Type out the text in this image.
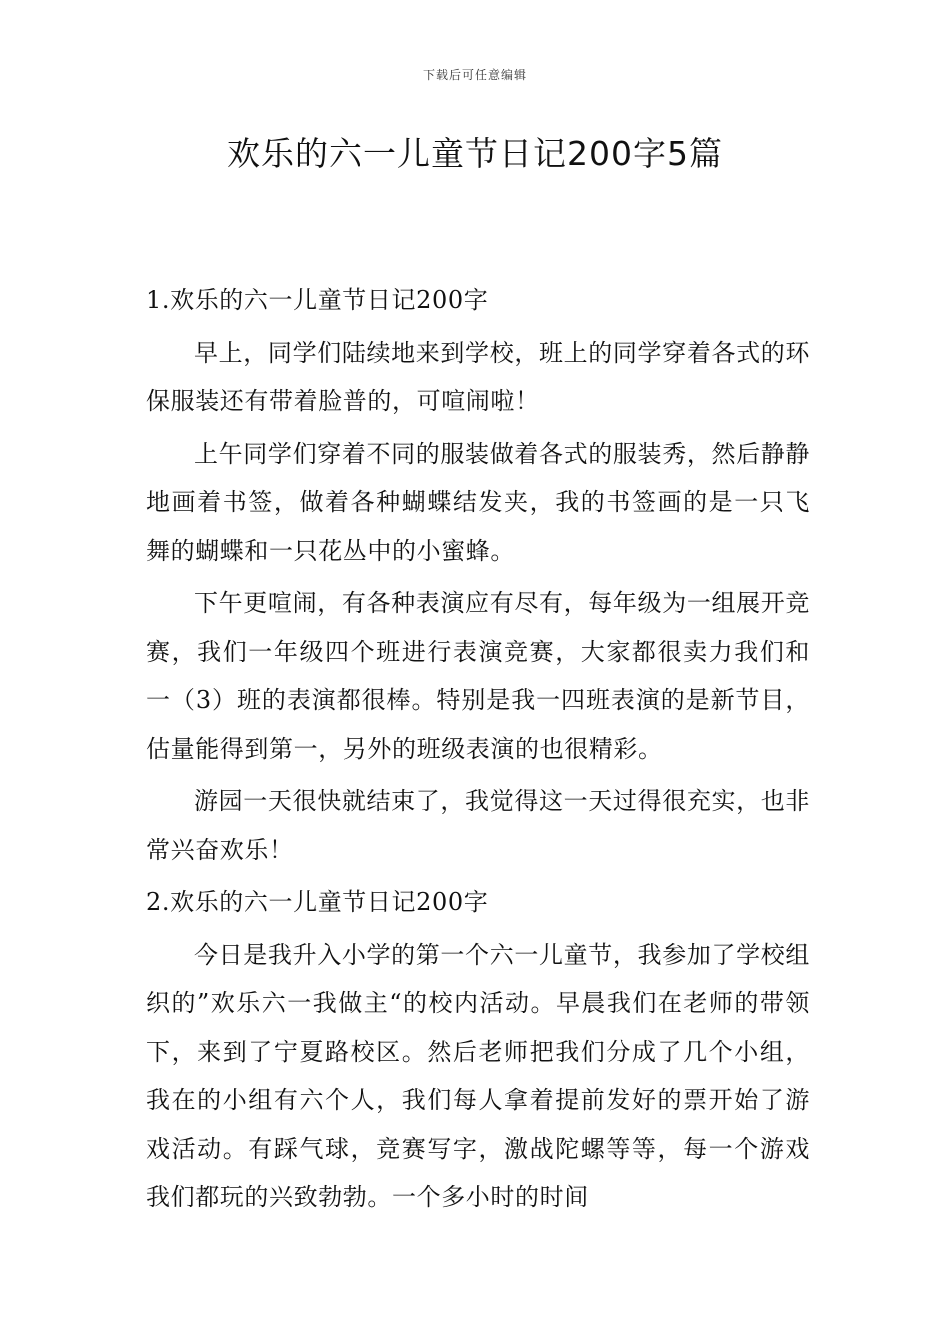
下载后可任意编辑
欢乐的六一儿童节日记200字5篇
1.欢乐的六一儿童节日记200字

早上，同学们陆续地来到学校，班上的同学穿着各式的环保服装还有带着脸普的，可喧闹啦！

上午同学们穿着不同的服装做着各式的服装秀，然后静静地画着书签，做着各种蝴蝶结发夹，我的书签画的是一只飞舞的蝴蝶和一只花丛中的小蜜蜂。

下午更喧闹，有各种表演应有尽有，每年级为一组展开竞赛，我们一年级四个班进行表演竞赛，大家都很卖力我们和一（3）班的表演都很棒。特别是我一四班表演的是新节目，估量能得到第一，另外的班级表演的也很精彩。

游园一天很快就结束了，我觉得这一天过得很充实，也非常兴奋欢乐！

2.欢乐的六一儿童节日记200字

今日是我升入小学的第一个六一儿童节，我参加了学校组织的”欢乐六一我做主“的校内活动。早晨我们在老师的带领下，来到了宁夏路校区。然后老师把我们分成了几个小组，我在的小组有六个人，我们每人拿着提前发好的票开始了游戏活动。有踩气球，竞赛写字，激战陀螺等等，每一个游戏我们都玩的兴致勃勃。一个多小时的时间
